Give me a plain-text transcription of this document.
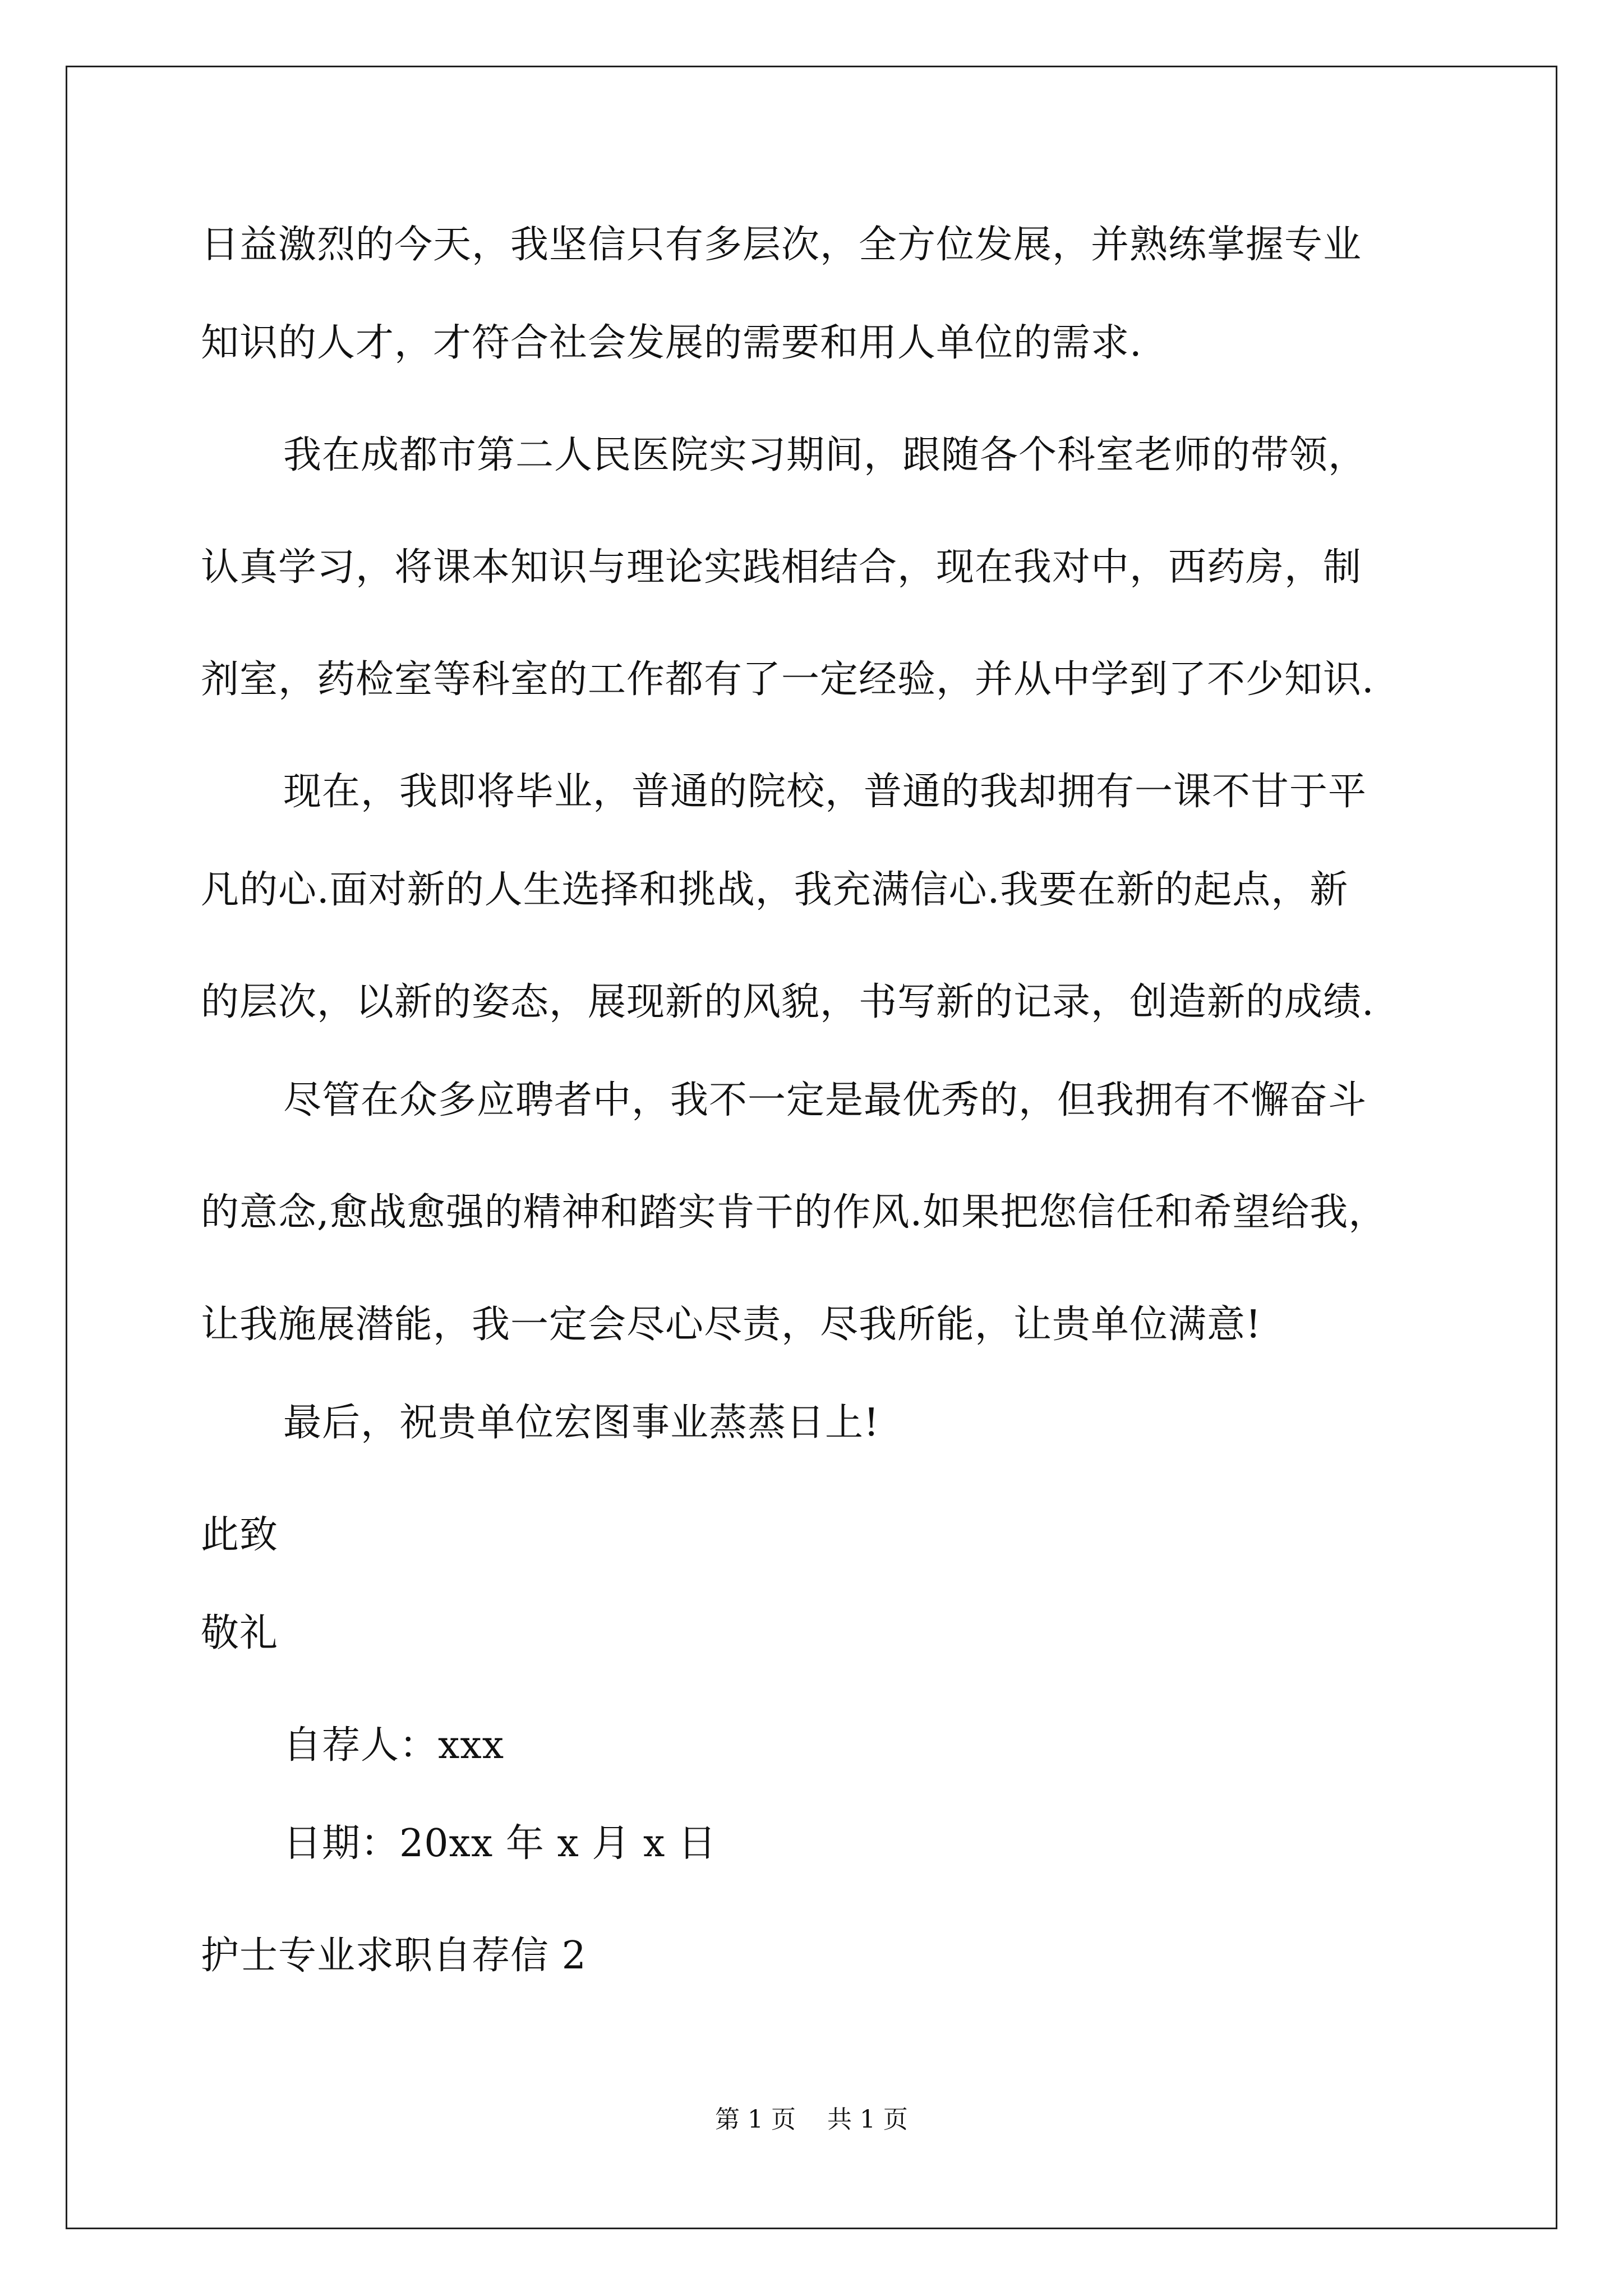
日益激烈的今天，我坚信只有多层次，全方位发展，并熟练掌握专业
知识的人才，才符合社会发展的需要和用人单位的需求.
我在成都市第二人民医院实习期间，跟随各个科室老师的带领，
认真学习，将课本知识与理论实践相结合，现在我对中，西药房，制
剂室，药检室等科室的工作都有了一定经验，并从中学到了不少知识.
现在，我即将毕业，普通的院校，普通的我却拥有一课不甘于平
凡的心.面对新的人生选择和挑战，我充满信心.我要在新的起点，新
的层次，以新的姿态，展现新的风貌，书写新的记录，创造新的成绩.
尽管在众多应聘者中，我不一定是最优秀的，但我拥有不懈奋斗
的意念,愈战愈强的精神和踏实肯干的作风.如果把您信任和希望给我，
让我施展潜能，我一定会尽心尽责，尽我所能，让贵单位满意!
最后，祝贵单位宏图事业蒸蒸日上!
此致
敬礼
自荐人：xxx
日期：20xx 年 x 月 x 日
护士专业求职自荐信 2
第 1 页    共 1 页
